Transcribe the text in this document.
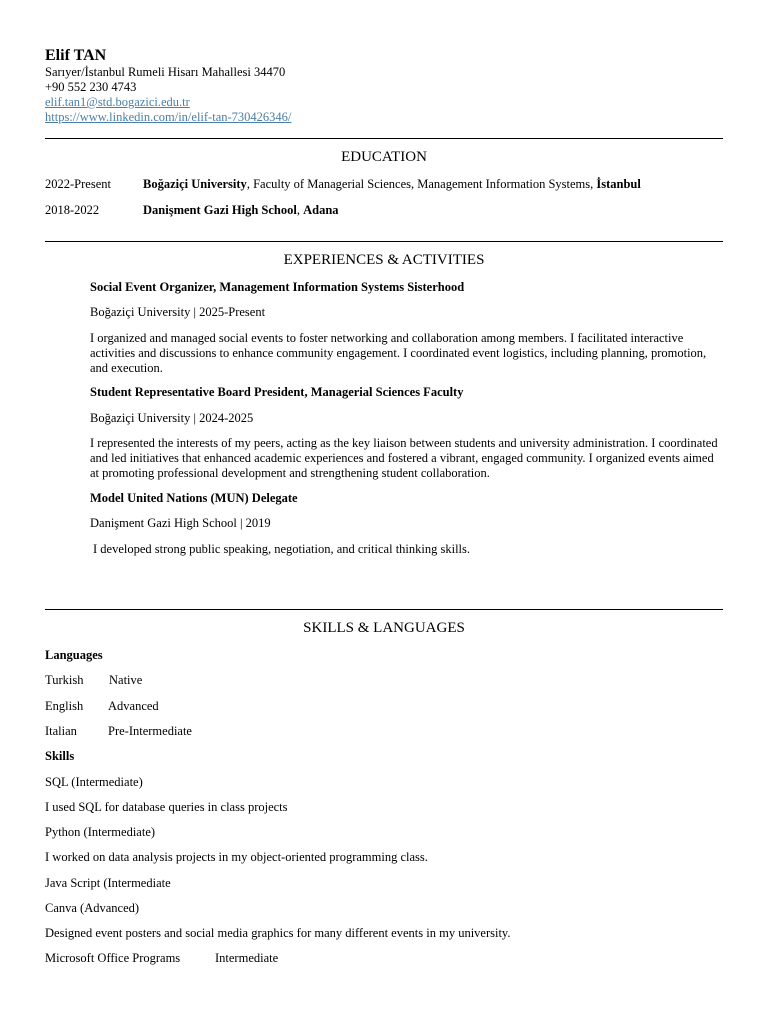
Elif TAN
Sarıyer/İstanbul Rumeli Hisarı Mahallesi 34470
+90 552 230 4743
elif.tan1@std.bogazici.edu.tr
https://www.linkedin.com/in/elif-tan-730426346/
EDUCATION
2022-Present	Boğaziçi University, Faculty of Managerial Sciences, Management Information Systems, İstanbul
2018-2022	Danişment Gazi High School, Adana
EXPERIENCES & ACTIVITIES
Social Event Organizer, Management Information Systems Sisterhood
Boğaziçi University | 2025-Present
I organized and managed social events to foster networking and collaboration among members. I facilitated interactive activities and discussions to enhance community engagement. I coordinated event logistics, including planning, promotion, and execution.
Student Representative Board President, Managerial Sciences Faculty
Boğaziçi University | 2024-2025
I represented the interests of my peers, acting as the key liaison between students and university administration. I coordinated and led initiatives that enhanced academic experiences and fostered a vibrant, engaged community. I organized events aimed at promoting professional development and strengthening student collaboration.
Model United Nations (MUN) Delegate
Danişment Gazi High School | 2019
I developed strong public speaking, negotiation, and critical thinking skills.
SKILLS & LANGUAGES
Languages
Turkish Native
English Advanced
Italian Pre-Intermediate
Skills
SQL (Intermediate)
I used SQL for database queries in class projects
Python (Intermediate)
I worked on data analysis projects in my object-oriented programming class.
Java Script (Intermediate
Canva (Advanced)
Designed event posters and social media graphics for many different events in my university.
Microsoft Office Programs	Intermediate
